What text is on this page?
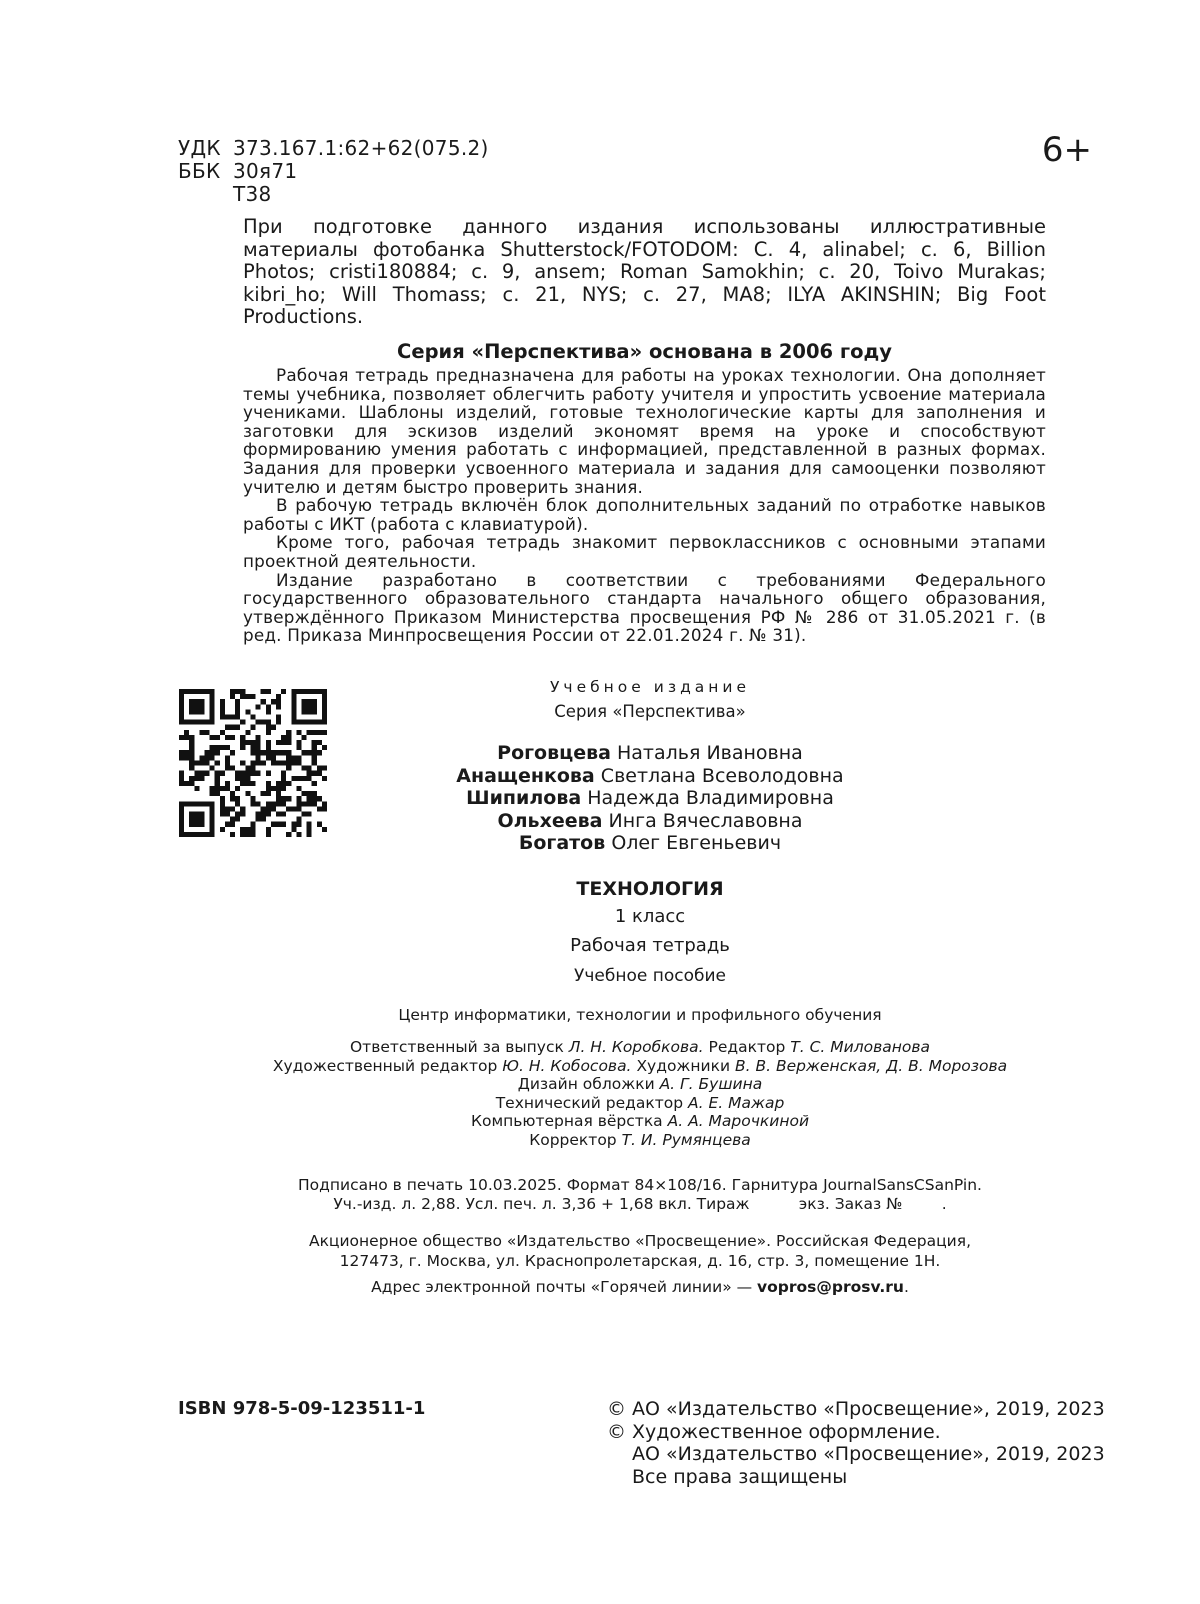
УДК 373.167.1:62+62(075.2)
ББК 30я71
Т38
6+
При подготовке данного издания использованы иллюстративные материалы фотобанка Shutterstock/FOTODOM: С. 4, alinabel; с. 6, Billion Photos; cristi180884; с. 9, ansem; Roman Samokhin; с. 20, Toivo Murakas; kibri_ho; Will Thomass; с. 21, NYS; с. 27, MA8; ILYA AKINSHIN; Big Foot Productions.
Серия «Перспектива» основана в 2006 году

Рабочая тетрадь предназначена для работы на уроках технологии. Она дополняет темы учебника, позволяет облегчить работу учителя и упростить усвоение материала учениками. Шаблоны изделий, готовые технологические карты для заполнения и заготовки для эскизов изделий экономят время на уроке и способствуют формированию умения работать с информацией, представленной в разных формах. Задания для проверки усвоенного материала и задания для самооценки позволяют учителю и детям быстро проверить знания.

В рабочую тетрадь включён блок дополнительных заданий по отработке навыков работы с ИКТ (работа с клавиатурой).

Кроме того, рабочая тетрадь знакомит первоклассников с основными этапами проектной деятельности.

Издание разработано в соответствии с требованиями Федерального государственного образовательного стандарта начального общего образования, утверждённого Приказом Министерства просвещения РФ № 286 от 31.05.2021 г. (в ред. Приказа Минпросвещения России от 22.01.2024 г. № 31).

Учебное издание
Серия «Перспектива»
Роговцева Наталья Ивановна
Анащенкова Светлана Всеволодовна
Шипилова Надежда Владимировна
Ольхеева Инга Вячеславовна
Богатов Олег Евгеньевич
ТЕХНОЛОГИЯ
1 класс
Рабочая тетрадь
Учебное пособие
Центр информатики, технологии и профильного обучения
Ответственный за выпуск Л. Н. Коробкова. Редактор Т. С. Милованова
Художественный редактор Ю. Н. Кобосова. Художники В. В. Верженская, Д. В. Морозова
Дизайн обложки А. Г. Бушина
Технический редактор А. Е. Мажар
Компьютерная вёрстка А. А. Марочкиной
Корректор Т. И. Румянцева
Подписано в печать 10.03.2025. Формат 84×108/16. Гарнитура JournalSansCSanPin.
Уч.-изд. л. 2,88. Усл. печ. л. 3,36 + 1,68 вкл. Тираж          экз. Заказ №        .
Акционерное общество «Издательство «Просвещение». Российская Федерация,
127473, г. Москва, ул. Краснопролетарская, д. 16, стр. 3, помещение 1Н.
Адрес электронной почты «Горячей линии» — vopros@prosv.ru.
ISBN 978-5-09-123511-1	© АО «Издательство «Просвещение», 2019, 2023
© Художественное оформление.
АО «Издательство «Просвещение», 2019, 2023
Все права защищены
